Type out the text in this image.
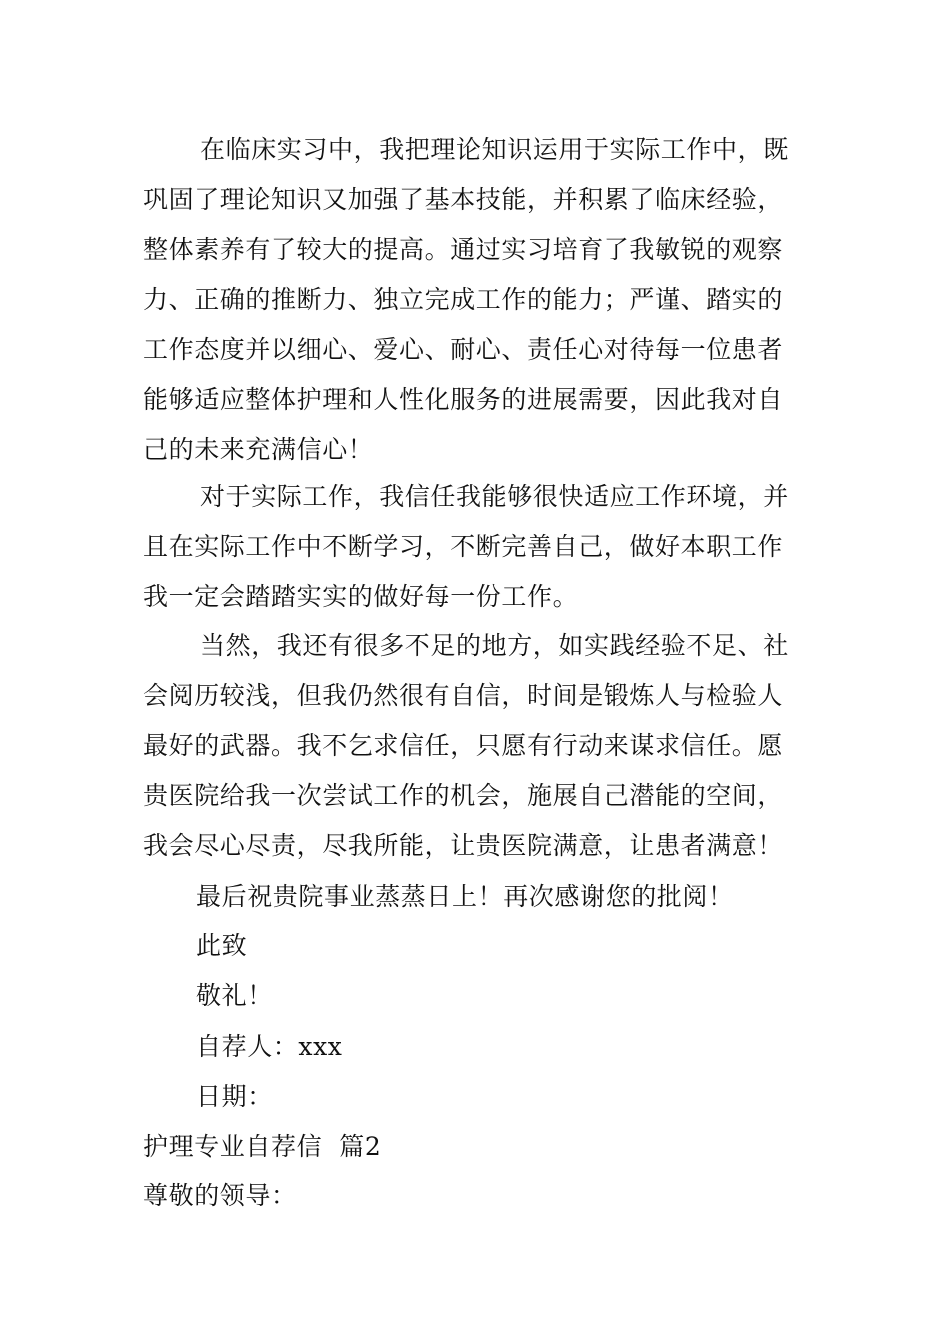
在临床实习中，我把理论知识运用于实际工作中，既
巩固了理论知识又加强了基本技能，并积累了临床经验，
整体素养有了较大的提高。通过实习培育了我敏锐的观察
力、正确的推断力、独立完成工作的能力；严谨、踏实的
工作态度并以细心、爱心、耐心、责任心对待每一位患者
能够适应整体护理和人性化服务的进展需要，因此我对自
己的未来充满信心！
对于实际工作，我信任我能够很快适应工作环境，并
且在实际工作中不断学习，不断完善自己，做好本职工作
我一定会踏踏实实的做好每一份工作。
当然，我还有很多不足的地方，如实践经验不足、社
会阅历较浅，但我仍然很有自信，时间是锻炼人与检验人
最好的武器。我不乞求信任，只愿有行动来谋求信任。愿
贵医院给我一次尝试工作的机会，施展自己潜能的空间，
我会尽心尽责，尽我所能，让贵医院满意，让患者满意！

最后祝贵院事业蒸蒸日上！再次感谢您的批阅！

此致

敬礼！

自荐人：xxx

日期：

护理专业自荐信  篇2

尊敬的领导：
